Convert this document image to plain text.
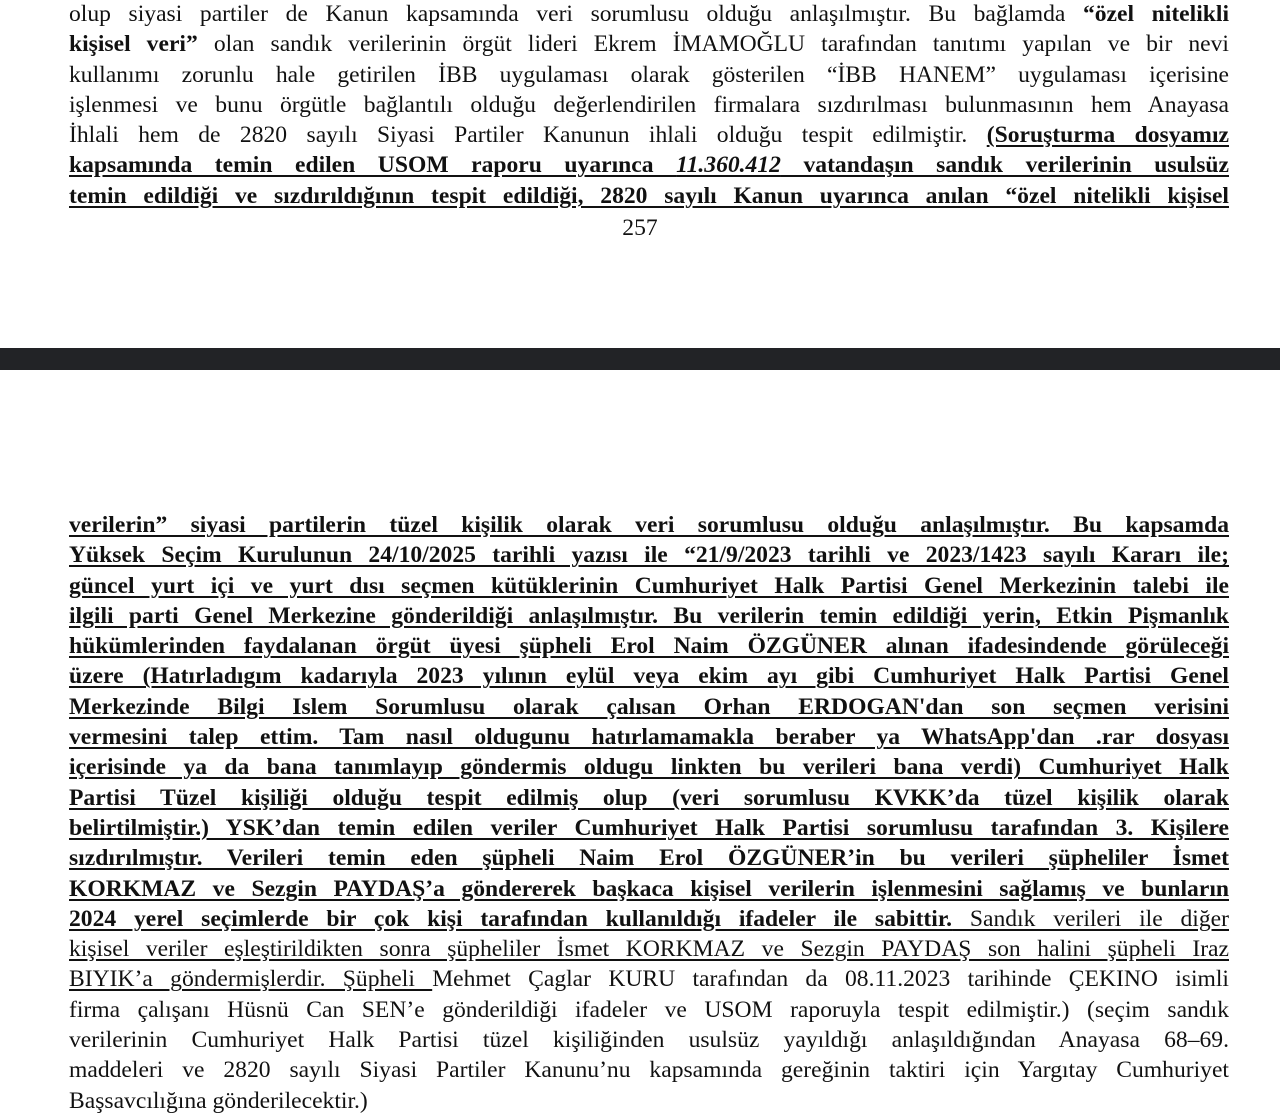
olup siyasi partiler de Kanun kapsamında veri sorumlusu olduğu anlaşılmıştır. Bu bağlamda “özel nitelikli
kişisel veri” olan sandık verilerinin örgüt lideri Ekrem İMAMOĞLU tarafından tanıtımı yapılan ve bir nevi
kullanımı zorunlu hale getirilen İBB uygulaması olarak gösterilen “İBB HANEM” uygulaması içerisine
işlenmesi ve bunu örgütle bağlantılı olduğu değerlendirilen firmalara sızdırılması bulunmasının hem Anayasa
İhlali hem de 2820 sayılı Siyasi Partiler Kanunun ihlali olduğu tespit edilmiştir. (Soruşturma dosyamız
kapsamında temin edilen USOM raporu uyarınca 11.360.412 vatandaşın sandık verilerinin usulsüz
temin edildiği ve sızdırıldığının tespit edildiği, 2820 sayılı Kanun uyarınca anılan “özel nitelikli kişisel
257
verilerin” siyasi partilerin tüzel kişilik olarak veri sorumlusu olduğu anlaşılmıştır. Bu kapsamda
Yüksek Seçim Kurulunun 24/10/2025 tarihli yazısı ile “21/9/2023 tarihli ve 2023/1423 sayılı Kararı ile;
güncel yurt içi ve yurt dısı seçmen kütüklerinin Cumhuriyet Halk Partisi Genel Merkezinin talebi ile
ilgili parti Genel Merkezine gönderildiği anlaşılmıştır. Bu verilerin temin edildiği yerin, Etkin Pişmanlık
hükümlerinden faydalanan örgüt üyesi şüpheli Erol Naim ÖZGÜNER alınan ifadesindende görüleceği
üzere (Hatırladıgım kadarıyla 2023 yılının eylül veya ekim ayı gibi Cumhuriyet Halk Partisi Genel
Merkezinde Bilgi Islem Sorumlusu olarak çalısan Orhan ERDOGAN'dan son seçmen verisini
vermesini talep ettim. Tam nasıl oldugunu hatırlamamakla beraber ya WhatsApp'dan .rar dosyası
içerisinde ya da bana tanımlayıp göndermis oldugu linkten bu verileri bana verdi) Cumhuriyet Halk
Partisi Tüzel kişiliği olduğu tespit edilmiş olup (veri sorumlusu KVKK’da tüzel kişilik olarak
belirtilmiştir.) YSK’dan temin edilen veriler Cumhuriyet Halk Partisi sorumlusu tarafından 3. Kişilere
sızdırılmıştır. Verileri temin eden şüpheli Naim Erol ÖZGÜNER’in bu verileri şüpheliler İsmet
KORKMAZ ve Sezgin PAYDAŞ’a göndererek başkaca kişisel verilerin işlenmesini sağlamış ve bunların
2024 yerel seçimlerde bir çok kişi tarafından kullanıldığı ifadeler ile sabittir. Sandık verileri ile diğer
kişisel veriler eşleştirildikten sonra şüpheliler İsmet KORKMAZ ve Sezgin PAYDAŞ son halini şüpheli Iraz
BIYIK’a göndermişlerdir. Şüpheli Mehmet Çaglar KURU tarafından da 08.11.2023 tarihinde ÇEKINO isimli
firma çalışanı Hüsnü Can SEN’e gönderildiği ifadeler ve USOM raporuyla tespit edilmiştir.) (seçim sandık
verilerinin Cumhuriyet Halk Partisi tüzel kişiliğinden usulsüz yayıldığı anlaşıldığından Anayasa 68–69.
maddeleri ve 2820 sayılı Siyasi Partiler Kanunu’nu kapsamında gereğinin taktiri için Yargıtay Cumhuriyet
Başsavcılığına gönderilecektir.)
